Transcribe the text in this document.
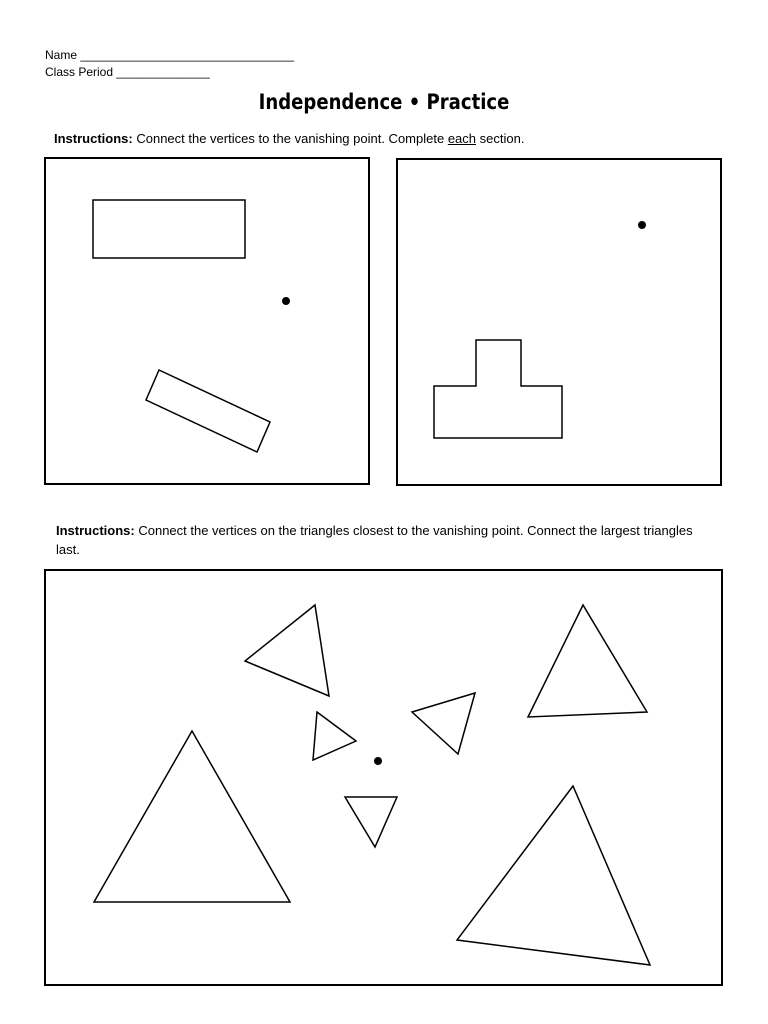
Name ________________________________
Class Period ______________
Independence • Practice
Instructions: Connect the vertices to the vanishing point. Complete each section.
Instructions: Connect the vertices on the triangles closest to the vanishing point. Connect the largest triangles last.
